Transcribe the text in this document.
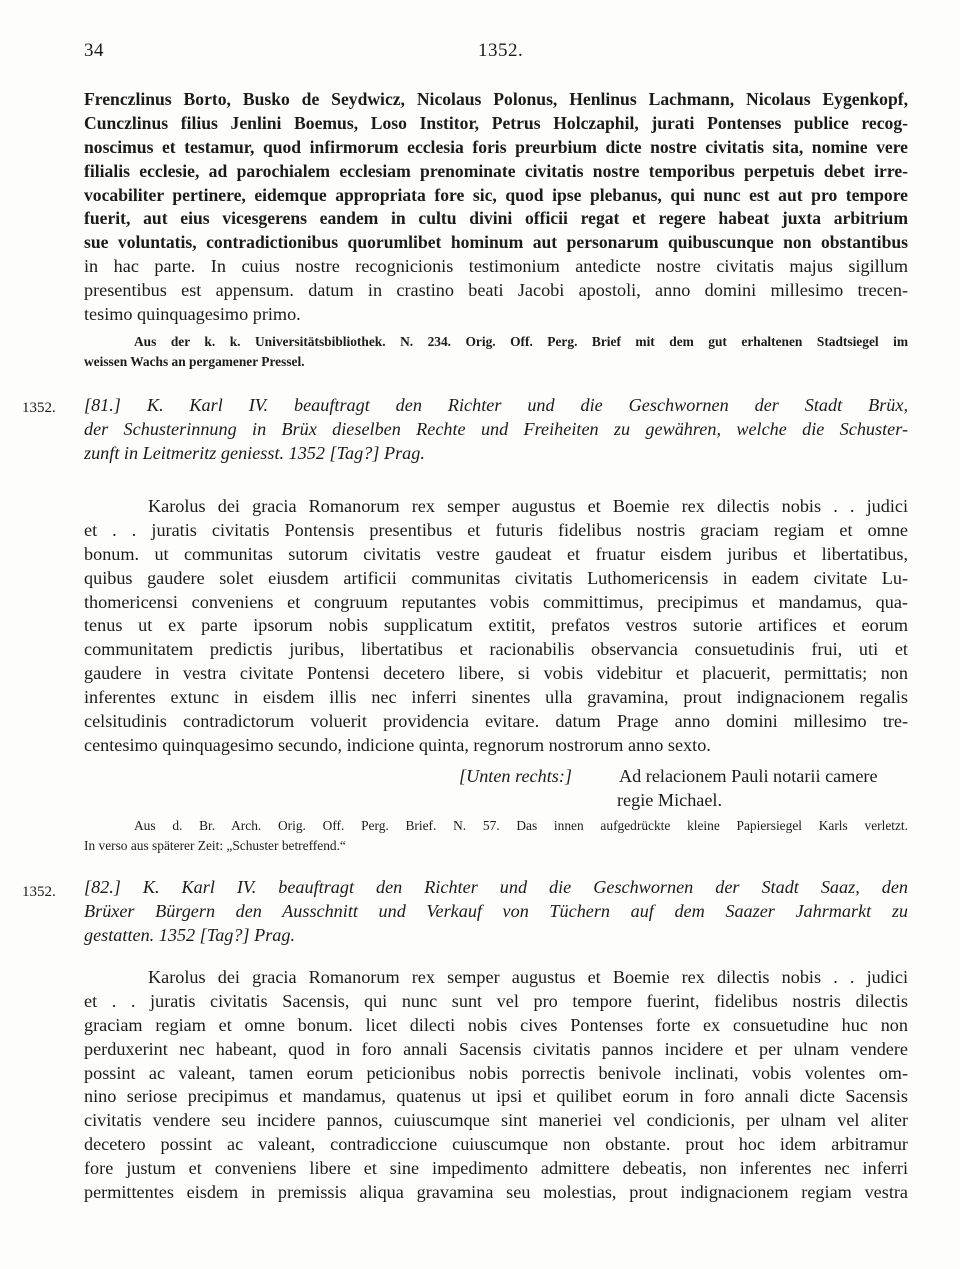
34	1352.
Frenczlinus Borto, Busko de Seydwicz, Nicolaus Polonus, Henlinus Lachmann, Nicolaus Eygenkopf,
Cunczlinus filius Jenlini Boemus, Loso Institor, Petrus Holczaphil, jurati Pontenses publice recog-
noscimus et testamur, quod infirmorum ecclesia foris preurbium dicte nostre civitatis sita, nomine vere
filialis ecclesie, ad parochialem ecclesiam prenominate civitatis nostre temporibus perpetuis debet irre-
vocabiliter pertinere, eidemque appropriata fore sic, quod ipse plebanus, qui nunc est aut pro tempore
fuerit, aut eius vicesgerens eandem in cultu divini officii regat et regere habeat juxta arbitrium
sue voluntatis, contradictionibus quorumlibet hominum aut personarum quibuscunque non obstantibus
in hac parte. In cuius nostre recognicionis testimonium antedicte nostre civitatis majus sigillum
presentibus est appensum. datum in crastino beati Jacobi apostoli, anno domini millesimo trecen-
tesimo quinquagesimo primo.
Aus der k. k. Universitätsbibliothek. N. 234. Orig. Off. Perg. Brief mit dem gut erhaltenen Stadtsiegel im
weissen Wachs an pergamener Pressel.
1352. [81.] K. Karl IV. beauftragt den Richter und die Geschwornen der Stadt Brüx,
der Schusterinnung in Brüx dieselben Rechte und Freiheiten zu gewähren, welche die Schuster-
zunft in Leitmeritz geniesst. 1352 [Tag?] Prag.
Karolus dei gracia Romanorum rex semper augustus et Boemie rex dilectis nobis . . judici
et . . juratis civitatis Pontensis presentibus et futuris fidelibus nostris graciam regiam et omne
bonum. ut communitas sutorum civitatis vestre gaudeat et fruatur eisdem juribus et libertatibus,
quibus gaudere solet eiusdem artificii communitas civitatis Luthomericensis in eadem civitate Lu-
thomericensi conveniens et congruum reputantes vobis committimus, precipimus et mandamus, qua-
tenus ut ex parte ipsorum nobis supplicatum extitit, prefatos vestros sutorie artifices et eorum
communitatem predictis juribus, libertatibus et racionabilis observancia consuetudinis frui, uti et
gaudere in vestra civitate Pontensi decetero libere, si vobis videbitur et placuerit, permittatis; non
inferentes extunc in eisdem illis nec inferri sinentes ulla gravamina, prout indignacionem regalis
celsitudinis contradictorum voluerit providencia evitare. datum Prage anno domini millesimo tre-
centesimo quinquagesimo secundo, indicione quinta, regnorum nostrorum anno sexto.
[Unten rechts:]	Ad relacionem Pauli notarii camere
regie Michael.
Aus d. Br. Arch. Orig. Off. Perg. Brief. N. 57. Das innen aufgedrückte kleine Papiersiegel Karls verletzt.
In verso aus späterer Zeit: „Schuster betreffend.“
1352. [82.] K. Karl IV. beauftragt den Richter und die Geschwornen der Stadt Saaz, den
Brüxer Bürgern den Ausschnitt und Verkauf von Tüchern auf dem Saazer Jahrmarkt zu
gestatten. 1352 [Tag?] Prag.
Karolus dei gracia Romanorum rex semper augustus et Boemie rex dilectis nobis . . judici
et . . juratis civitatis Sacensis, qui nunc sunt vel pro tempore fuerint, fidelibus nostris dilectis
graciam regiam et omne bonum. licet dilecti nobis cives Pontenses forte ex consuetudine huc non
perduxerint nec habeant, quod in foro annali Sacensis civitatis pannos incidere et per ulnam vendere
possint ac valeant, tamen eorum peticionibus nobis porrectis benivole inclinati, vobis volentes om-
nino seriose precipimus et mandamus, quatenus ut ipsi et quilibet eorum in foro annali dicte Sacensis
civitatis vendere seu incidere pannos, cuiuscumque sint maneriei vel condicionis, per ulnam vel aliter
decetero possint ac valeant, contradiccione cuiuscumque non obstante. prout hoc idem arbitramur
fore justum et conveniens libere et sine impedimento admittere debeatis, non inferentes nec inferri
permittentes eisdem in premissis aliqua gravamina seu molestias, prout indignacionem regiam vestra
